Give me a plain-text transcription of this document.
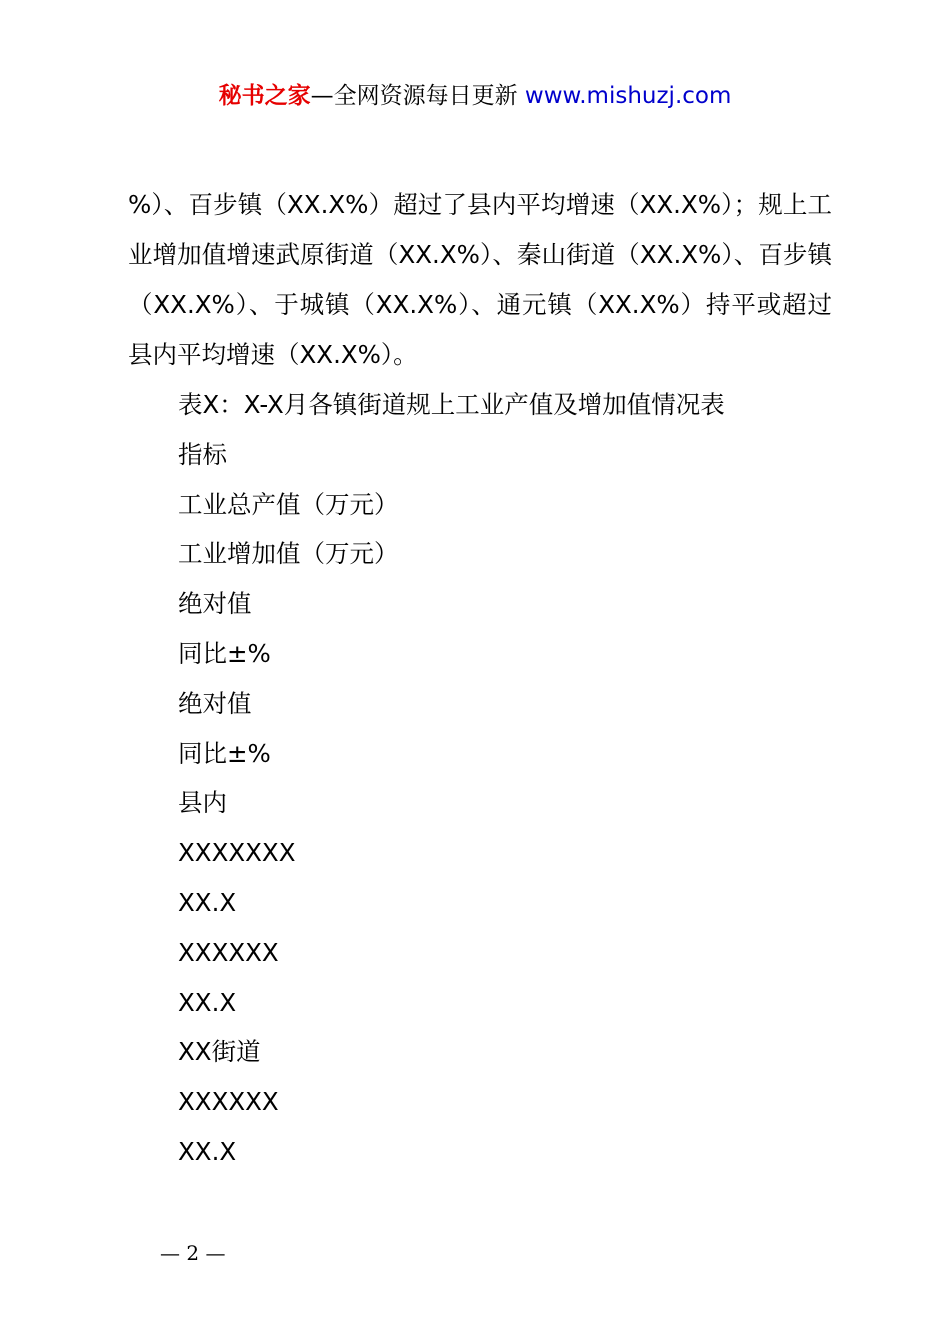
秘书之家—全网资源每日更新 www.mishuzj.com

%）、百步镇（XX.X%）超过了县内平均增速（XX.X%）；规上工业增加值增速武原街道（XX.X%）、秦山街道（XX.X%）、百步镇（XX.X%）、于城镇（XX.X%）、通元镇（XX.X%）持平或超过县内平均增速（XX.X%）。

表X：X-X月各镇街道规上工业产值及增加值情况表
指标
工业总产值（万元）
工业增加值（万元）
绝对值
同比±%
绝对值
同比±%
县内
XXXXXXX
XX.X
XXXXXX
XX.X
XX街道
XXXXXX
XX.X
— 2 —
